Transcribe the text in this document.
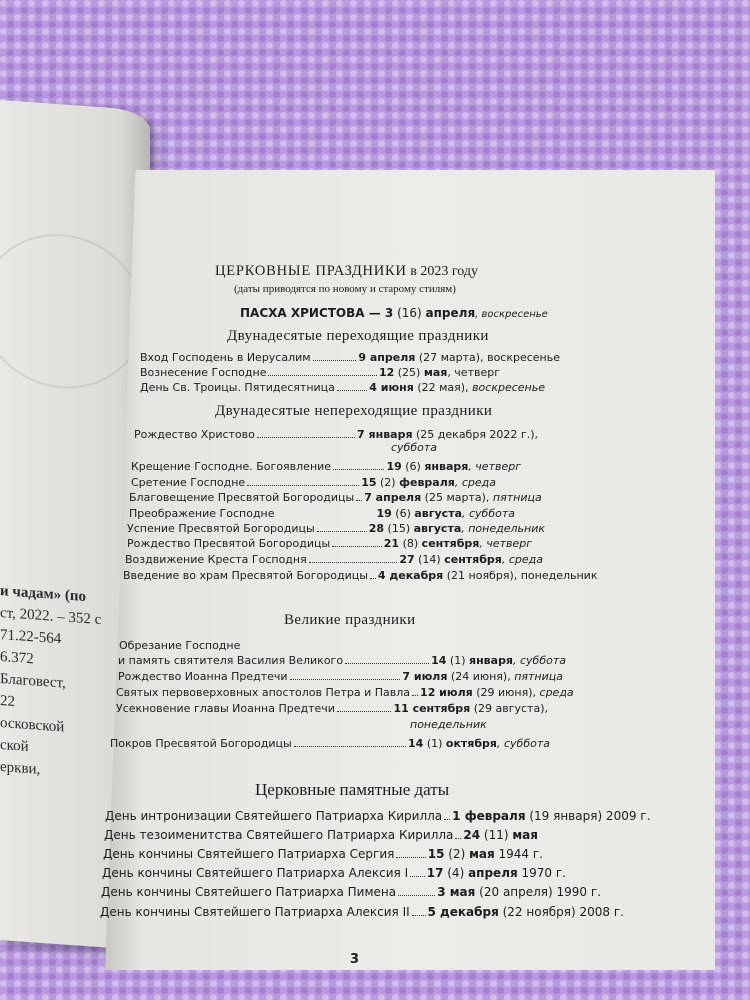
и чадам» (по
ст, 2022. – 352 с
71.22-564
6.372
Благовест,
22
осковской
ской
еркви,
ЦЕРКОВНЫЕ ПРАЗДНИКИ в 2023 году
(даты приводятся по новому и старому стилям)
ПАСХА ХРИСТОВА — 3 (16) апреля, воскресенье
Двунадесятые переходящие праздники
Вход Господень в Иерусалим	9 апреля (27 марта), воскресенье
Вознесение Господне	12 (25) мая, четверг
День Св. Троицы. Пятидесятница	4 июня (22 мая), воскресенье
Двунадесятые непереходящие праздники
Рождество Христово	7 января (25 декабря 2022 г.),
суббота
Крещение Господне. Богоявление	19 (6) января, четверг
Сретение Господне	15 (2) февраля, среда
Благовещение Пресвятой Богородицы 7 апреля (25 марта), пятница
Преображение Господне	19 (6) августа, суббота
Успение Пресвятой Богородицы	28 (15) августа, понедельник
Рождество Пресвятой Богородицы	21 (8) сентября, четверг
Воздвижение Креста Господня	27 (14) сентября, среда
Введение во храм Пресвятой Богородицы 4 декабря (21 ноября), понедельник
Великие праздники
Обрезание Господне
и память святителя Василия Великого	14 (1) января, суббота
Рождество Иоанна Предтечи	7 июля (24 июня), пятница
Святых первоверховных апостолов Петра и Павла 12 июля (29 июня), среда
Усекновение главы Иоанна Предтечи	11 сентября (29 августа),
понедельник
Покров Пресвятой Богородицы	14 (1) октября, суббота
Церковные памятные даты
День интронизации Святейшего Патриарха Кирилла 1 февраля (19 января) 2009 г.
День тезоименитства Святейшего Патриарха Кирилла 24 (11) мая
День кончины Святейшего Патриарха Сергия	15 (2) мая 1944 г.
День кончины Святейшего Патриарха Алексия I 17 (4) апреля 1970 г.
День кончины Святейшего Патриарха Пимена	3 мая (20 апреля) 1990 г.
День кончины Святейшего Патриарха Алексия II 5 декабря (22 ноября) 2008 г.
3
